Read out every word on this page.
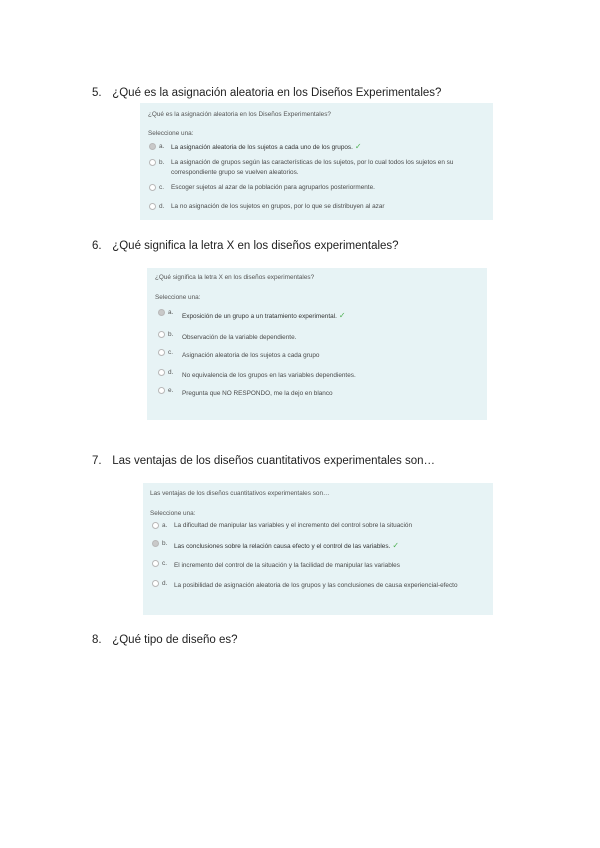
5. ¿Qué es la asignación aleatoria en los Diseños Experimentales?
¿Qué es la asignación aleatoria en los Diseños Experimentales?
Seleccione una:
a. La asignación aleatoria de los sujetos a cada uno de los grupos. ✓
b. La asignación de grupos según las características de los sujetos, por lo cual todos los sujetos en su correspondiente grupo se vuelven aleatorios.
c. Escoger sujetos al azar de la población para agruparlos posteriormente.
d. La no asignación de los sujetos en grupos, por lo que se distribuyen al azar
6. ¿Qué significa la letra X en los diseños experimentales?
¿Qué significa la letra X en los diseños experimentales?
Seleccione una:
a.
Exposición de un grupo a un tratamiento experimental. ✓
b. Observación de la variable dependiente.
c. Asignación aleatoria de los sujetos a cada grupo
d. No equivalencia de los grupos en las variables dependientes.
e. Pregunta que NO RESPONDO, me la dejo en blanco
7. Las ventajas de los diseños cuantitativos experimentales son…
Las ventajas de los diseños cuantitativos experimentales son…
Seleccione una:
a. La dificultad de manipular las variables y el incremento del control sobre la situación
b. Las conclusiones sobre la relación causa efecto y el control de las variables. ✓
c. El incremento del control de la situación y la facilidad de manipular las variables
d. La posibilidad de asignación aleatoria de los grupos y las conclusiones de causa experiencial-efecto
8. ¿Qué tipo de diseño es?
